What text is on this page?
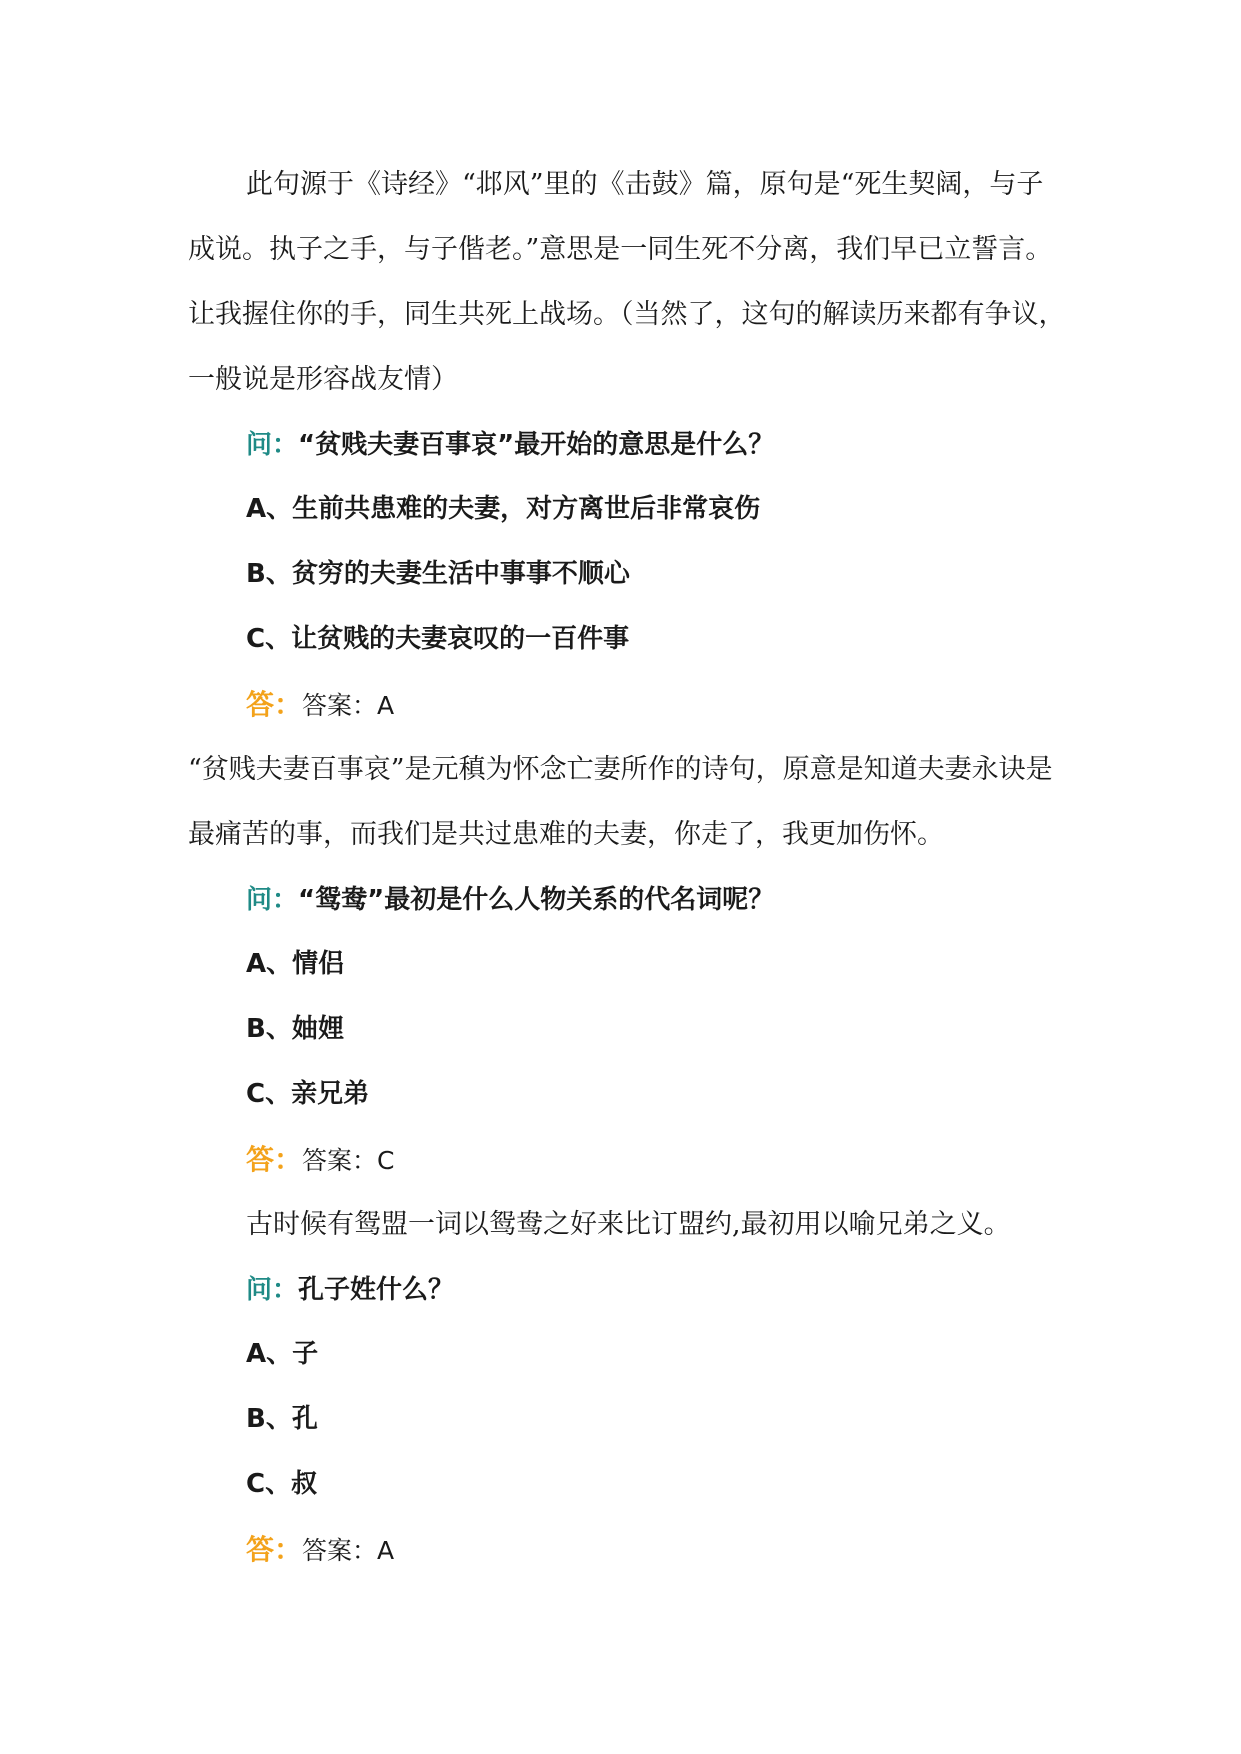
此句源于《诗经》“邶风”里的《击鼓》篇，原句是“死生契阔，与子成说。执子之手，与子偕老。”意思是一同生死不分离，我们早已立誓言。让我握住你的手，同生共死上战场。（当然了，这句的解读历来都有争议，一般说是形容战友情）

问：“贫贱夫妻百事哀”最开始的意思是什么？
A、生前共患难的夫妻，对方离世后非常哀伤
B、贫穷的夫妻生活中事事不顺心
C、让贫贱的夫妻哀叹的一百件事
答：答案：A

“贫贱夫妻百事哀”是元稹为怀念亡妻所作的诗句，原意是知道夫妻永诀是最痛苦的事，而我们是共过患难的夫妻，你走了，我更加伤怀。

问：“鸳鸯”最初是什么人物关系的代名词呢？
A、情侣
B、妯娌
C、亲兄弟
答：答案：C
古时候有鸳盟一词以鸳鸯之好来比订盟约,最初用以喻兄弟之义。
问：孔子姓什么？
A、子
B、孔
C、叔
答：答案：A
